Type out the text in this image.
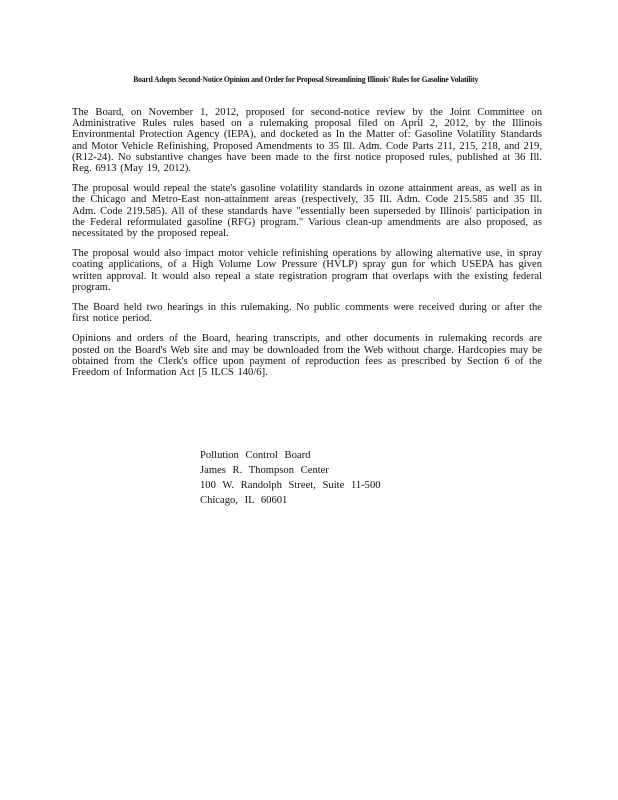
Board Adopts Second-Notice Opinion and Order for Proposal Streamlining Illinois' Rules for Gasoline Volatility

The Board, on November 1, 2012, proposed for second-notice review by the Joint Committee on Administrative Rules rules based on a rulemaking proposal filed on April 2, 2012, by the Illinois Environmental Protection Agency (IEPA), and docketed as In the Matter of: Gasoline Volatility Standards and Motor Vehicle Refinishing, Proposed Amendments to 35 Ill. Adm. Code Parts 211, 215, 218, and 219, (R12-24). No substantive changes have been made to the first notice proposed rules, published at 36 Ill. Reg. 6913 (May 19, 2012).

The proposal would repeal the state's gasoline volatility standards in ozone attainment areas, as well as in the Chicago and Metro-East non-attainment areas (respectively, 35 Ill. Adm. Code 215.585 and 35 Ill. Adm. Code 219.585). All of these standards have "essentially been superseded by Illinois' participation in the Federal reformulated gasoline (RFG) program." Various clean-up amendments are also proposed, as necessitated by the proposed repeal.

The proposal would also impact motor vehicle refinishing operations by allowing alternative use, in spray coating applications, of a High Volume Low Pressure (HVLP) spray gun for which USEPA has given written approval. It would also repeal a state registration program that overlaps with the existing federal program.

The Board held two hearings in this rulemaking. No public comments were received during or after the first notice period.

Opinions and orders of the Board, hearing transcripts, and other documents in rulemaking records are posted on the Board's Web site and may be downloaded from the Web without charge. Hardcopies may be obtained from the Clerk's office upon payment of reproduction fees as prescribed by Section 6 of the Freedom of Information Act [5 ILCS 140/6].

Pollution Control Board
James R. Thompson Center
100 W. Randolph Street, Suite 11-500
Chicago, IL 60601
